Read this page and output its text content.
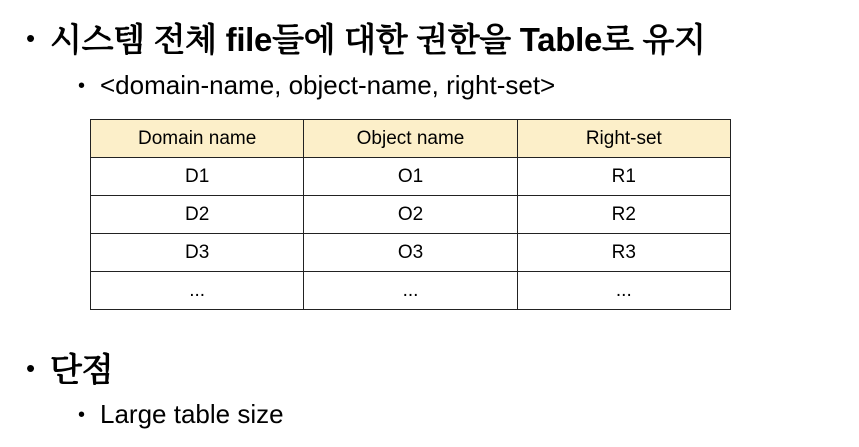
• 시스템 전체 file들에 대한 권한을 Table로 유지
• <domain-name, object-name, right-set>
Domain name	Object name	Right-set
D1	O1	R1
D2	O2	R2
D3	O3	R3
...	...	...
• 단점
• Large table size
